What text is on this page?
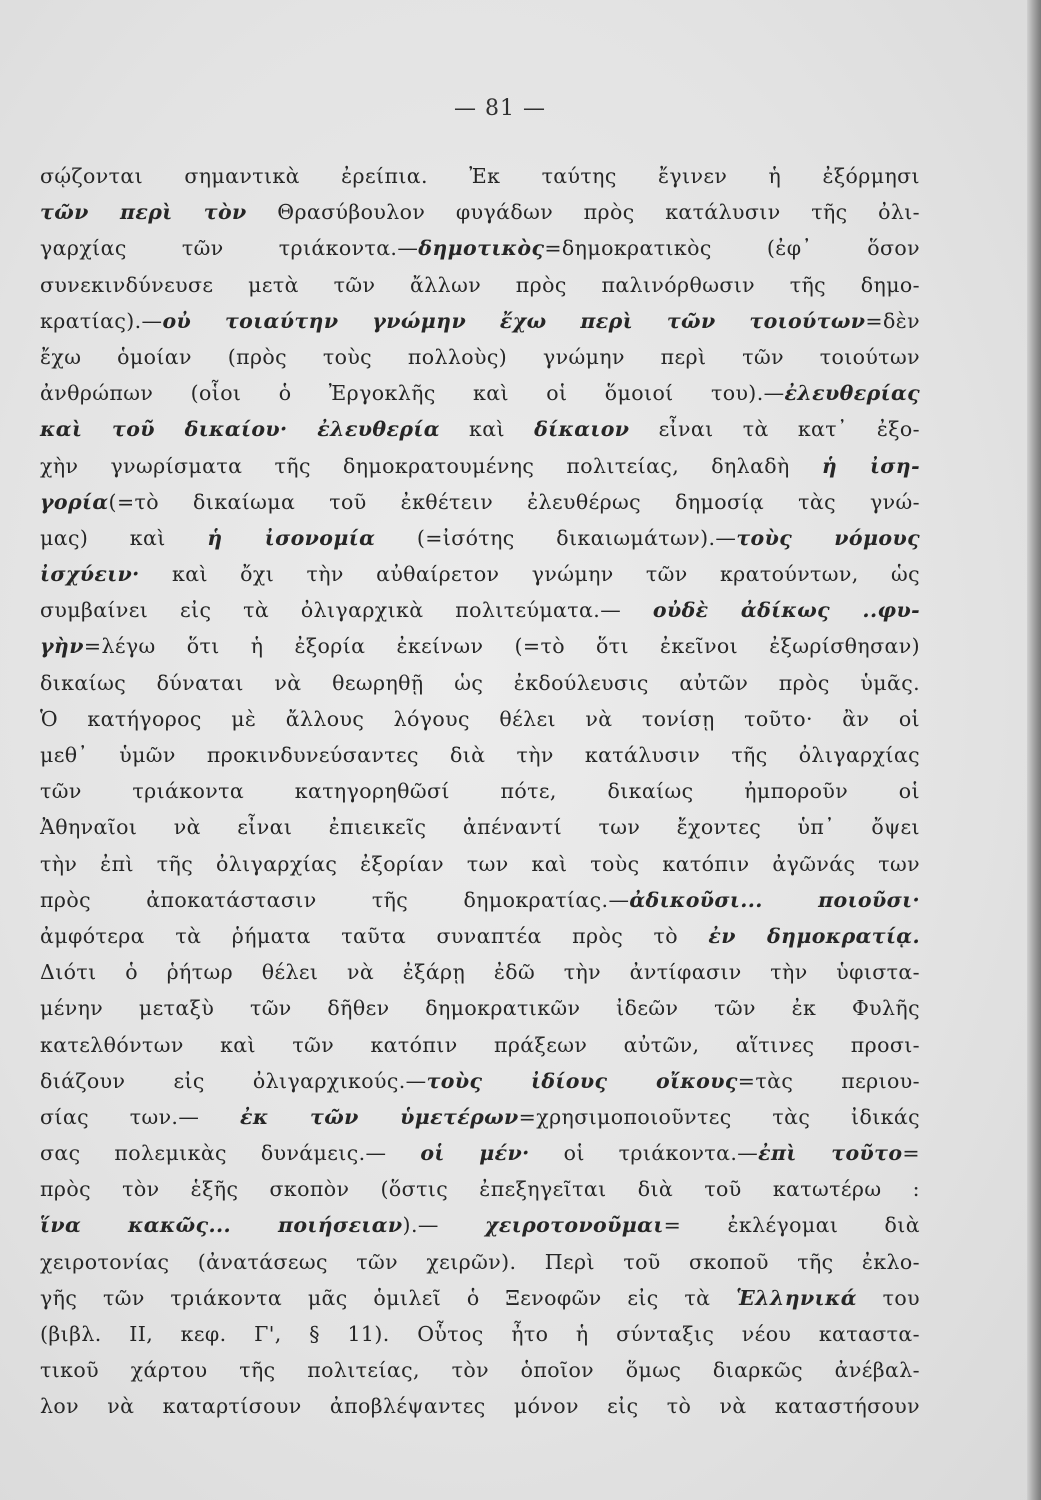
— 81 —
σῴζονται σημαντικὰ ἐρείπια. Ἐκ ταύτης ἔγινεν ἡ ἐξόρμησι
τῶν περὶ τὸν Θρασύβουλον φυγάδων πρὸς κατάλυσιν τῆς ὀλι-
γαρχίας τῶν τριάκοντα.—δημοτικὸς=δημοκρατικὸς (ἐφ᾽ ὅσον
συνεκινδύνευσε μετὰ τῶν ἄλλων πρὸς παλινόρθωσιν τῆς δημο-
κρατίας).—οὐ τοιαύτην γνώμην ἔχω περὶ τῶν τοιούτων=δὲν
ἔχω ὁμοίαν (πρὸς τοὺς πολλοὺς) γνώμην περὶ τῶν τοιούτων
ἀνθρώπων (οἷοι ὁ Ἐργοκλῆς καὶ οἱ ὅμοιοί του).—ἐλευθερίας
καὶ τοῦ δικαίου· ἐλευθερία καὶ δίκαιον εἶναι τὰ κατ᾽ ἐξο-
χὴν γνωρίσματα τῆς δημοκρατουμένης πολιτείας, δηλαδὴ ἡ ἰση-
γορία(=τὸ δικαίωμα τοῦ ἐκθέτειν ἐλευθέρως δημοσίᾳ τὰς γνώ-
μας) καὶ ἡ ἰσονομία (=ἰσότης δικαιωμάτων).—τοὺς νόμους
ἰσχύειν· καὶ ὄχι τὴν αὐθαίρετον γνώμην τῶν κρατούντων, ὡς
συμβαίνει εἰς τὰ ὀλιγαρχικὰ πολιτεύματα.— οὐδὲ ἀδίκως ..φυ-
γὴν=λέγω ὅτι ἡ ἐξορία ἐκείνων (=τὸ ὅτι ἐκεῖνοι ἐξωρίσθησαν)
δικαίως δύναται νὰ θεωρηθῇ ὡς ἐκδούλευσις αὐτῶν πρὸς ὑμᾶς.
Ὁ κατήγορος μὲ ἄλλους λόγους θέλει νὰ τονίσῃ τοῦτο· ἂν οἱ
μεθ᾽ ὑμῶν προκινδυνεύσαντες διὰ τὴν κατάλυσιν τῆς ὀλιγαρχίας
τῶν τριάκοντα κατηγορηθῶσί πότε, δικαίως ἠμποροῦν οἱ
Ἀθηναῖοι νὰ εἶναι ἐπιεικεῖς ἀπέναντί των ἔχοντες ὑπ᾽ ὄψει
τὴν ἐπὶ τῆς ὀλιγαρχίας ἐξορίαν των καὶ τοὺς κατόπιν ἀγῶνάς των
πρὸς ἀποκατάστασιν τῆς δημοκρατίας.—ἀδικοῦσι...	ποιοῦσι·
ἀμφότερα τὰ ῥήματα ταῦτα συναπτέα πρὸς τὸ ἐν δημοκρατίᾳ.
Διότι ὁ ῥήτωρ θέλει νὰ ἐξάρῃ ἐδῶ τὴν ἀντίφασιν τὴν ὑφιστα-
μένην μεταξὺ τῶν δῆθεν δημοκρατικῶν ἰδεῶν τῶν ἐκ Φυλῆς
κατελθόντων καὶ τῶν κατόπιν πράξεων αὐτῶν, αἵτινες προσι-
διάζουν εἰς ὀλιγαρχικούς.—τοὺς ἰδίους οἴκους=τὰς περιου-
σίας των.— ἐκ τῶν ὑμετέρων=χρησιμοποιοῦντες τὰς ἰδικάς
σας πολεμικὰς δυνάμεις.— οἱ μέν· οἱ τριάκοντα.—ἐπὶ τοῦτο=
πρὸς τὸν ἑξῆς σκοπὸν (ὅστις ἐπεξηγεῖται διὰ τοῦ κατωτέρω :
ἵνα κακῶς... ποιήσειαν).— χειροτονοῦμαι= ἐκλέγομαι διὰ
χειροτονίας (ἀνατάσεως τῶν χειρῶν). Περὶ τοῦ σκοποῦ τῆς ἐκλο-
γῆς τῶν τριάκοντα μᾶς ὁμιλεῖ ὁ Ξενοφῶν εἰς τὰ Ἑλληνικά του
(βιβλ. II, κεφ. Γ', § 11). Οὗτος ἦτο ἡ σύνταξις νέου καταστα-
τικοῦ χάρτου τῆς πολιτείας, τὸν ὁποῖον ὅμως διαρκῶς ἀνέβαλ-
λον νὰ καταρτίσουν ἀποβλέψαντες μόνον εἰς τὸ νὰ καταστήσουν
